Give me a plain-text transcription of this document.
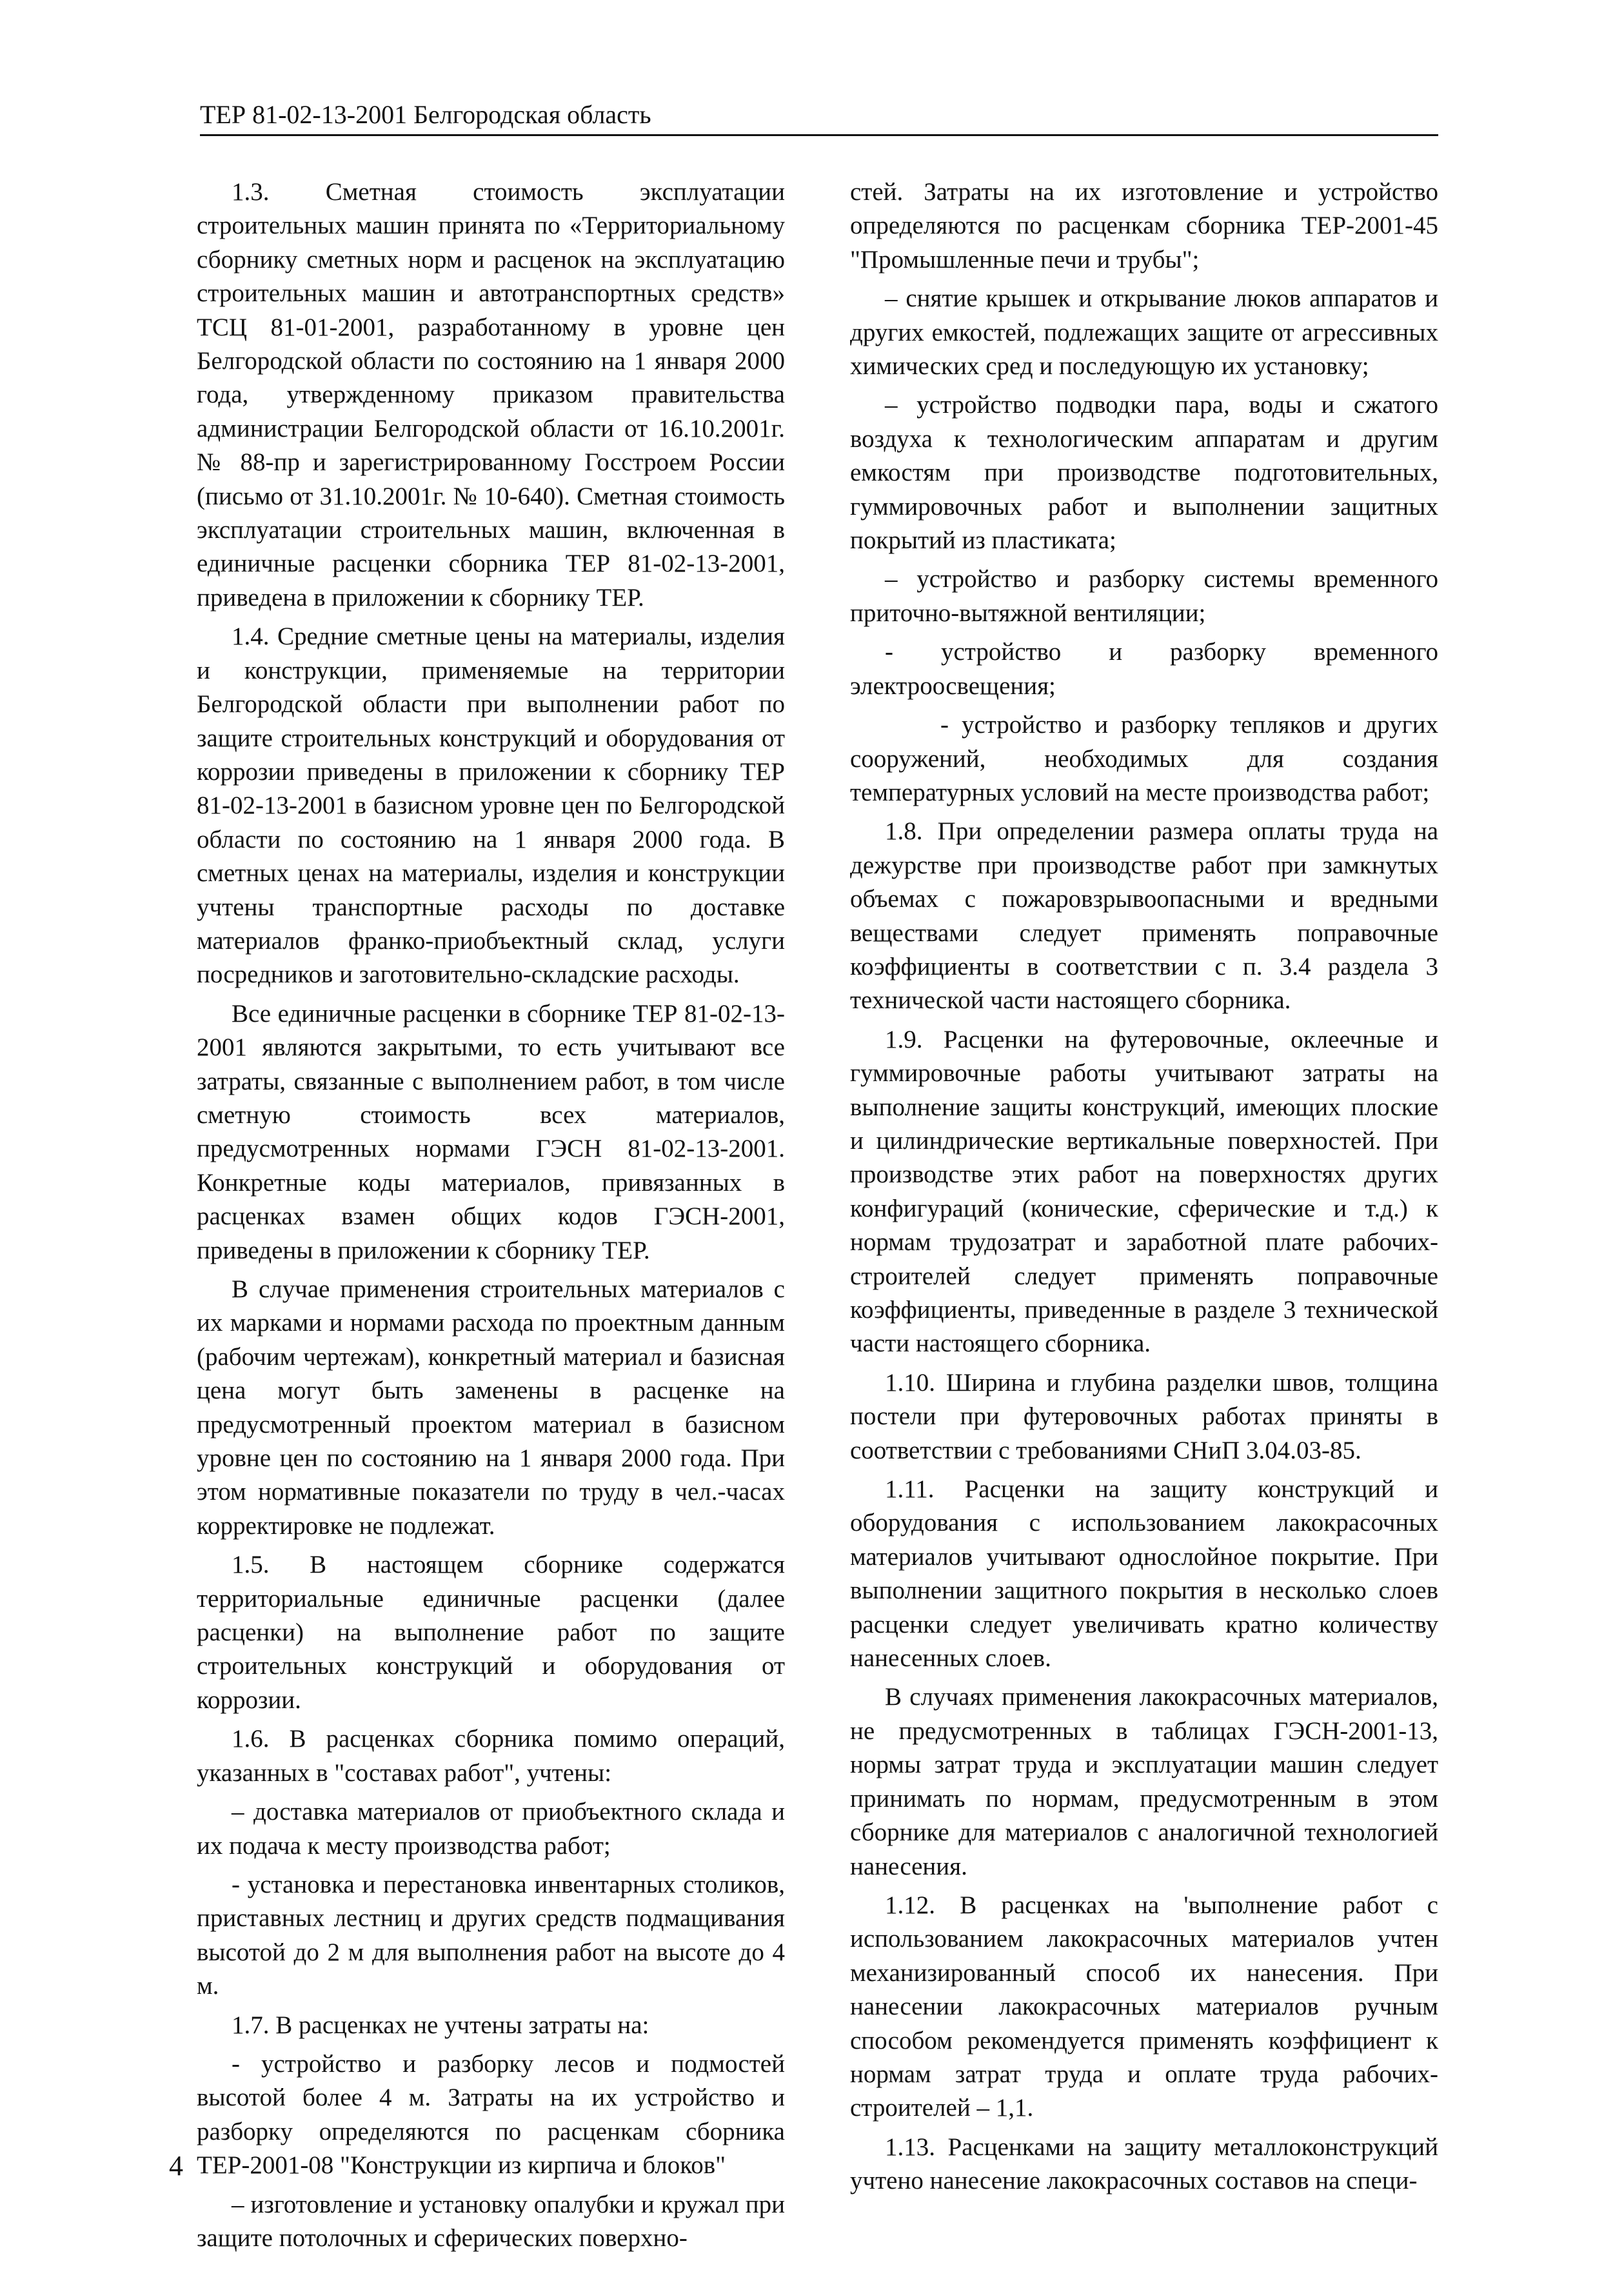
ТЕР 81-02-13-2001 Белгородская область

1.3. Сметная стоимость эксплуатации строительных машин принята по «Территориальному сборнику сметных норм и расценок на эксплуатацию строительных машин и автотранспортных средств» ТСЦ 81-01-2001, разработанному в уровне цен Белгородской области по состоянию на 1 января 2000 года, утвержденному приказом правительства администрации Белгородской области от 16.10.2001г. № 88-пр и зарегистрированному Госстроем России (письмо от 31.10.2001г. № 10-640). Сметная стоимость эксплуатации строительных машин, включенная в единичные расценки сборника ТЕР 81-02-13-2001, приведена в приложении к сборнику ТЕР.

1.4. Средние сметные цены на материалы, изделия и конструкции, применяемые на территории Белгородской области при выполнении работ по защите строительных конструкций и оборудования от коррозии приведены в приложении к сборнику ТЕР 81-02-13-2001 в базисном уровне цен по Белгородской области по состоянию на 1 января 2000 года. В сметных ценах на материалы, изделия и конструкции учтены транспортные расходы по доставке материалов франко-приобъектный склад, услуги посредников и заготовительно-складские расходы.

Все единичные расценки в сборнике ТЕР 81-02-13-2001 являются закрытыми, то есть учитывают все затраты, связанные с выполнением работ, в том числе сметную стоимость всех материалов, предусмотренных нормами ГЭСН 81-02-13-2001. Конкретные коды материалов, привязанных в расценках взамен общих кодов ГЭСН-2001, приведены в приложении к сборнику ТЕР.

В случае применения строительных материалов с их марками и нормами расхода по проектным данным (рабочим чертежам), конкретный материал и базисная цена могут быть заменены в расценке на предусмотренный проектом материал в базисном уровне цен по состоянию на 1 января 2000 года. При этом нормативные показатели по труду в чел.-часах корректировке не подлежат.

1.5. В настоящем сборнике содержатся территориальные единичные расценки (далее расценки) на выполнение работ по защите строительных конструкций и оборудования от коррозии.

1.6. В расценках сборника помимо операций, указанных в "составах работ", учтены:

– доставка материалов от приобъектного склада и их подача к месту производства работ;

- установка и перестановка инвентарных столиков, приставных лестниц и других средств подмащивания высотой до 2 м для выполнения работ на высоте до 4 м.

1.7. В расценках не учтены затраты на:

- устройство и разборку лесов и подмостей высотой более 4 м. Затраты на их устройство и разборку определяются по расценкам сборника ТЕР-2001-08 "Конструкции из кирпича и блоков"

– изготовление и установку опалубки и кружал при защите потолочных и сферических поверхно-

стей. Затраты на их изготовление и устройство определяются по расценкам сборника ТЕР-2001-45 "Промышленные печи и трубы";

– снятие крышек и открывание люков аппаратов и других емкостей, подлежащих защите от агрессивных химических сред и последующую их установку;

– устройство подводки пара, воды и сжатого воздуха к технологическим аппаратам и другим емкостям при производстве подготовительных, гуммировочных работ и выполнении защитных покрытий из пластиката;

– устройство и разборку системы временного приточно-вытяжной вентиляции;

- устройство и разборку временного электроосвещения;

- устройство и разборку тепляков и других сооружений, необходимых для создания температурных условий на месте производства работ;

1.8. При определении размера оплаты труда на дежурстве при производстве работ при замкнутых объемах с пожаровзрывоопасными и вредными веществами следует применять поправочные коэффициенты в соответствии с п. 3.4 раздела 3 технической части настоящего сборника.

1.9. Расценки на футеровочные, оклеечные и гуммировочные работы учитывают затраты на выполнение защиты конструкций, имеющих плоские и цилиндрические вертикальные поверхностей. При производстве этих работ на поверхностях других конфигураций (конические, сферические и т.д.) к нормам трудозатрат и заработной плате рабочих-строителей следует применять поправочные коэффициенты, приведенные в разделе 3 технической части настоящего сборника.

1.10. Ширина и глубина разделки швов, толщина постели при футеровочных работах приняты в соответствии с требованиями СНиП 3.04.03-85.

1.11. Расценки на защиту конструкций и оборудования с использованием лакокрасочных материалов учитывают однослойное покрытие. При выполнении защитного покрытия в несколько слоев расценки следует увеличивать кратно количеству нанесенных слоев.

В случаях применения лакокрасочных материалов, не предусмотренных в таблицах ГЭСН-2001-13, нормы затрат труда и эксплуатации машин следует принимать по нормам, предусмотренным в этом сборнике для материалов с аналогичной технологией нанесения.

1.12. В расценках на 'выполнение работ с использованием лакокрасочных материалов учтен механизированный способ их нанесения. При нанесении лакокрасочных материалов ручным способом рекомендуется применять коэффициент к нормам затрат труда и оплате труда рабочих-строителей – 1,1.

1.13. Расценками на защиту металлоконструкций учтено нанесение лакокрасочных составов на специ-

4
